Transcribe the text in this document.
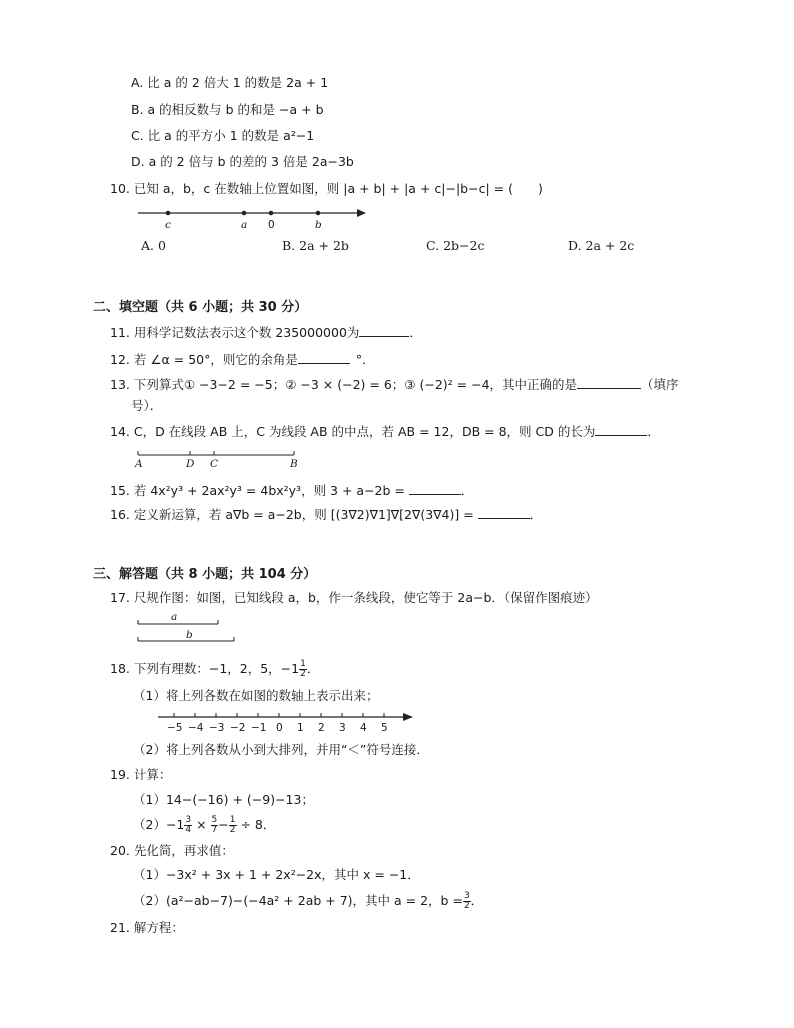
A. 比 a 的 2 倍大 1 的数是 2a + 1
B. a 的相反数与 b 的和是 −a + b
C. 比 a 的平方小 1 的数是 a²−1
D. a 的 2 倍与 b 的差的 3 倍是 2a−3b
10. 已知 a，b，c 在数轴上位置如图，则 |a + b| + |a + c|−|b−c| = (　　)
c	a 0	b
A. 0	B. 2a + 2b	C. 2b−2c	D. 2a + 2c
二、填空题（共 6 小题；共 30 分）
11. 用科学记数法表示这个数 235000000为	．
12. 若 ∠α = 50°，则它的余角是	°．
13. 下列算式① −3−2 = −5；② −3 × (−2) = 6；③ (−2)² = −4，其中正确的是	（填序
号）．
14. C，D 在线段 AB 上，C 为线段 AB 的中点，若 AB = 12，DB = 8，则 CD 的长为	．
A	D C	B
15. 若 4x²y³ + 2ax²y³ = 4bx²y³，则 3 + a−2b =	．
16. 定义新运算，若 a∇b = a−2b，则 [(3∇2)∇1]∇[2∇(3∇4)] =	．
三、解答题（共 8 小题；共 104 分）
17. 尺规作图：如图，已知线段 a，b，作一条线段，使它等于 2a−b．（保留作图痕迹）
a
b
18. 下列有理数：−1，2，5，$-1 \frac{1}{2}$ ．
（1）将上列各数在如图的数轴上表示出来；
−5 −4 −3 −2 −1 0 1 2 3 4 5
（2）将上列各数从小到大排列，并用“＜”符号连接．
19. 计算：
（1）14−(−16) + (−9)−13；
$(2)-1 \frac{3}{4} \times \frac{5}{7} - \frac{1}{2} \div 8$．
20. 先化简，再求值：
（1）−3x² + 3x + 1 + 2x²−2x，其中 x = −1．
（2）(a²−ab−7)−(−4a² + 2ab + 7)，其中 a = 2，$b = \frac{3}{2}$ ．
21. 解方程：
